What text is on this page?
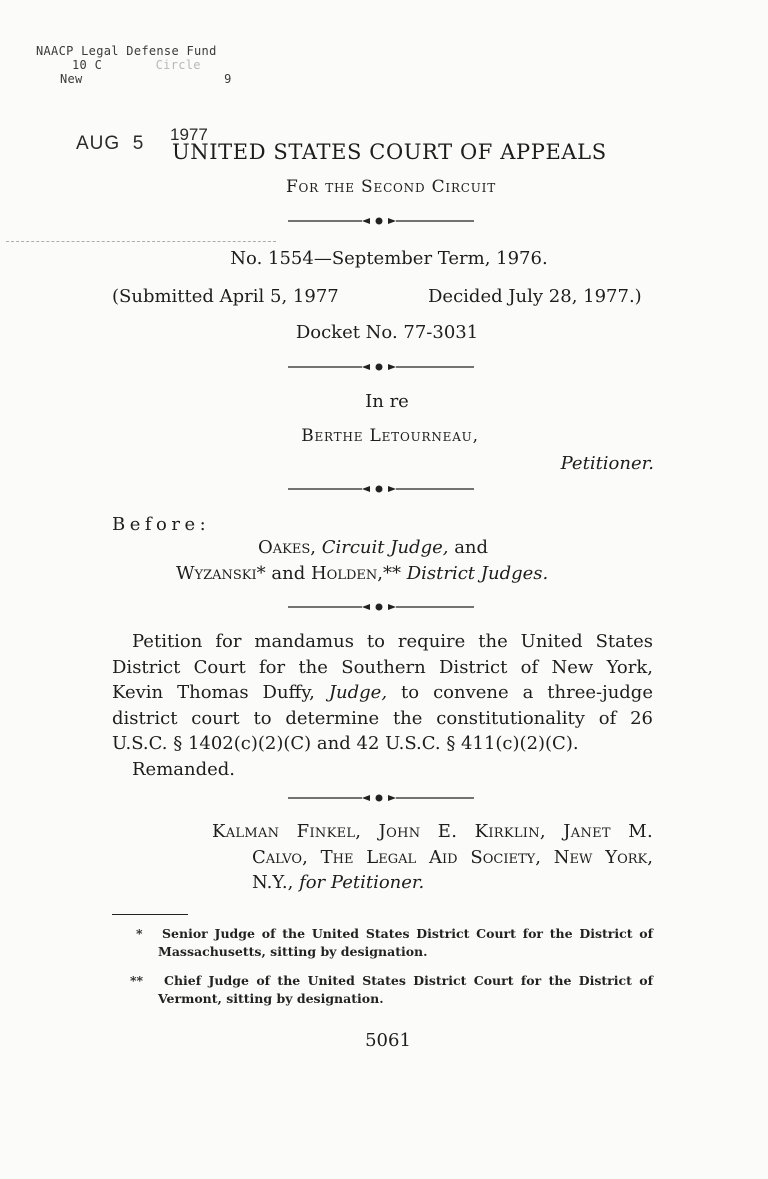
NAACP Legal Defense Fund
10 C	Circle
New	9
AUG  5 1977
UNITED STATES COURT OF APPEALS
For the Second Circuit
No. 1554—September Term, 1976.
(Submitted April 5, 1977	Decided July 28, 1977.)
Docket No. 77-3031
In re
Berthe Letourneau,
Petitioner.
Before:
Oakes, Circuit Judge, and
Wyzanski* and Holden,** District Judges.
Petition for mandamus to require the United States
District Court for the Southern District of New York,
Kevin Thomas Duffy, Judge, to convene a three-judge
district court to determine the constitutionality of 26
U.S.C. § 1402(c)(2)(C) and 42 U.S.C. § 411(c)(2)(C).
Remanded.
Kalman Finkel, John E. Kirklin, Janet M.
Calvo, The Legal Aid Society, New York,
N.Y., for Petitioner.
*	Senior Judge of the United States District Court for the District of
Massachusetts, sitting by designation.
**	Chief Judge of the United States District Court for the District of
Vermont, sitting by designation.
5061
